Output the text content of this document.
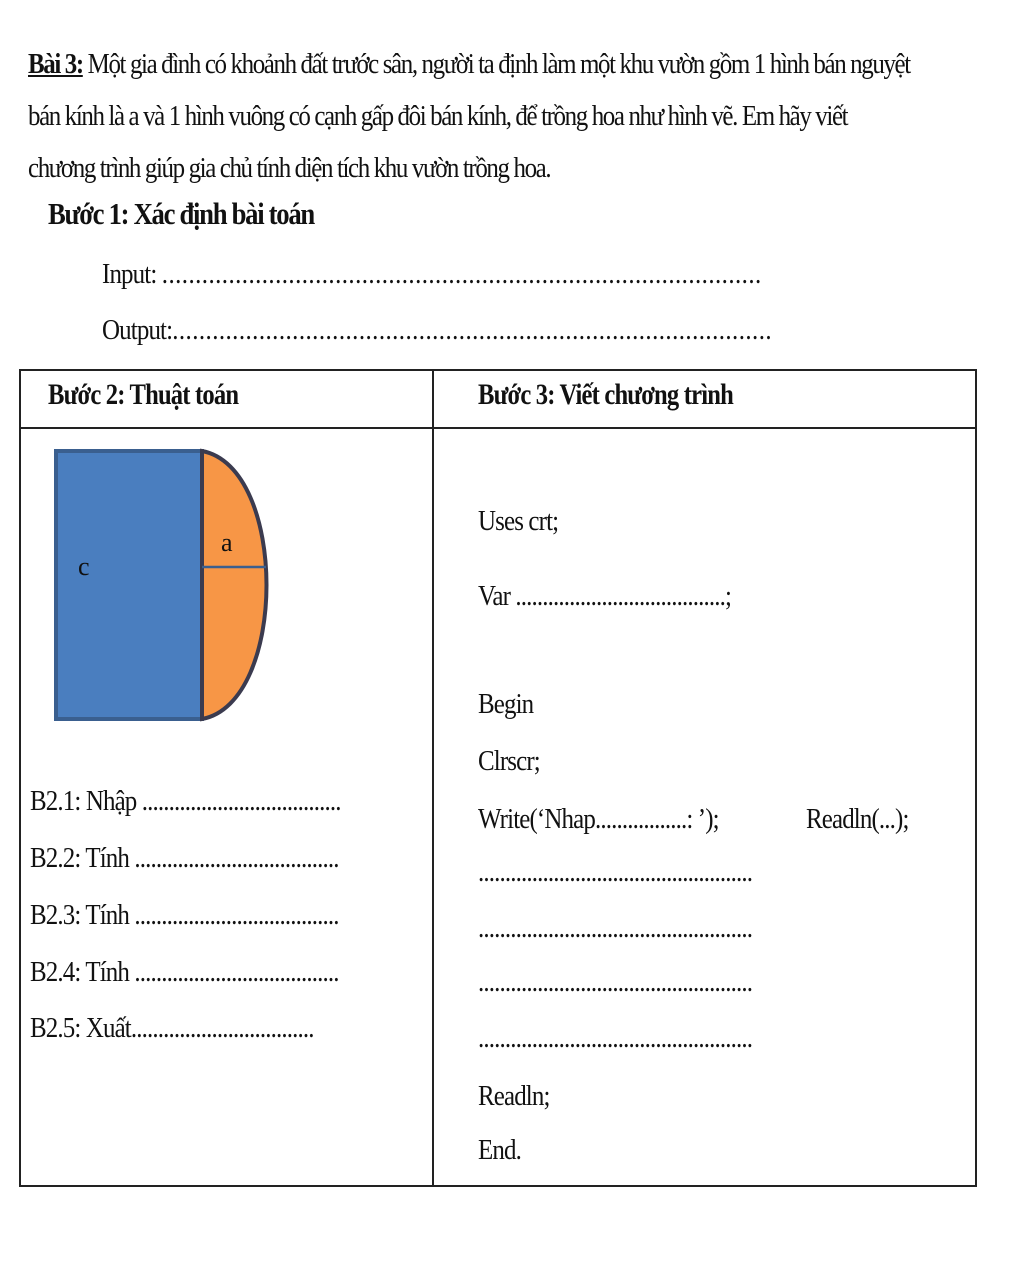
Bài 3: Một gia đình có khoảnh đất trước sân, người ta định làm một khu vườn gồm 1 hình bán nguyệt
bán kính là a và 1 hình vuông có cạnh gấp đôi bán kính, để trồng hoa như hình vẽ. Em hãy viết
chương trình giúp gia chủ tính diện tích khu vườn trồng hoa.
Bước 1: Xác định bài toán
Input: ..........................................................................................
Output:..........................................................................................
Bước 2: Thuật toán	Bước 3: Viết chương trình
c
a
B2.1: Nhập .....................................
B2.2: Tính ......................................
B2.3: Tính ......................................
B2.4: Tính ......................................
B2.5: Xuất..................................
Uses crt;
Var .......................................;
Begin
Clrscr;
Write(‘Nhap.................: ’);
...................................................
...................................................
...................................................
...................................................
Readln;
End.
Readln(...);
